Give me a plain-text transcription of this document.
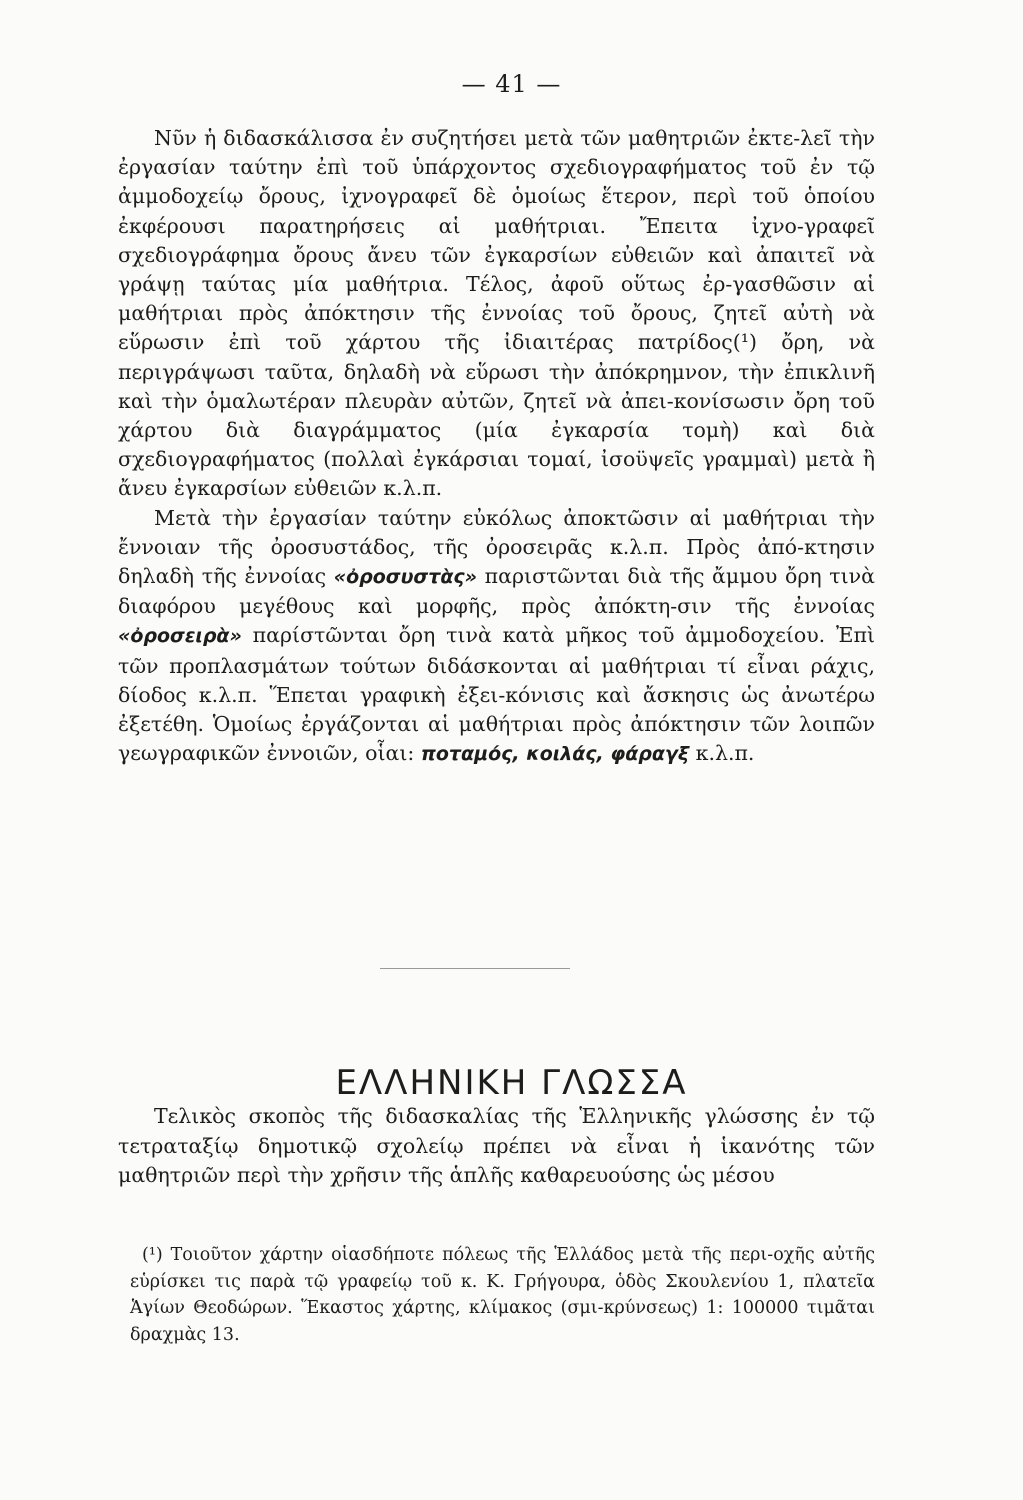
— 41 —

Νῦν ἡ διδασκάλισσα ἐν συζητήσει μετὰ τῶν μαθητριῶν ἐκτε-λεῖ τὴν ἐργασίαν ταύτην ἐπὶ τοῦ ὑπάρχοντος σχεδιογραφήματος τοῦ ἐν τῷ ἀμμοδοχείῳ ὄρους, ἰχνογραφεῖ δὲ ὁμοίως ἕτερον, περὶ τοῦ ὁποίου ἐκφέρουσι παρατηρήσεις αἱ μαθήτριαι. Ἔπειτα ἰχνο-γραφεῖ σχεδιογράφημα ὄρους ἄνευ τῶν ἐγκαρσίων εὐθειῶν καὶ ἀπαιτεῖ νὰ γράψῃ ταύτας μία μαθήτρια. Τέλος, ἀφοῦ οὕτως ἐρ-γασθῶσιν αἱ μαθήτριαι πρὸς ἀπόκτησιν τῆς ἐννοίας τοῦ ὄρους, ζητεῖ αὐτὴ νὰ εὕρωσιν ἐπὶ τοῦ χάρτου τῆς ἰδιαιτέρας πατρίδος(¹) ὄρη, νὰ περιγράψωσι ταῦτα, δηλαδὴ νὰ εὕρωσι τὴν ἀπόκρημνον, τὴν ἐπικλινῆ καὶ τὴν ὁμαλωτέραν πλευρὰν αὐτῶν, ζητεῖ νὰ ἀπει-κονίσωσιν ὄρη τοῦ χάρτου διὰ διαγράμματος (μία ἐγκαρσία τομὴ) καὶ διὰ σχεδιογραφήματος (πολλαὶ ἐγκάρσιαι τομαί, ἰσοϋψεῖς γραμμαὶ) μετὰ ἢ ἄνευ ἐγκαρσίων εὐθειῶν κ.λ.π.

Μετὰ τὴν ἐργασίαν ταύτην εὐκόλως ἀποκτῶσιν αἱ μαθήτριαι τὴν ἔννοιαν τῆς ὀροσυστάδος, τῆς ὀροσειρᾶς κ.λ.π. Πρὸς ἀπό-κτησιν δηλαδὴ τῆς ἐννοίας «ὀροσυστὰς» παριστῶνται διὰ τῆς ἄμμου ὄρη τινὰ διαφόρου μεγέθους καὶ μορφῆς, πρὸς ἀπόκτη-σιν τῆς ἐννοίας «ὀροσειρὰ» παρίστῶνται ὄρη τινὰ κατὰ μῆκος τοῦ ἀμμοδοχείου. Ἐπὶ τῶν προπλασμάτων τούτων διδάσκονται αἱ μαθήτριαι τί εἶναι ράχις, δίοδος κ.λ.π. Ἕπεται γραφικὴ ἐξει-κόνισις καὶ ἄσκησις ὡς ἀνωτέρω ἐξετέθη. Ὁμοίως ἐργάζονται αἱ μαθήτριαι πρὸς ἀπόκτησιν τῶν λοιπῶν γεωγραφικῶν ἐννοιῶν, οἷαι: ποταμός, κοιλάς, φάραγξ κ.λ.π.

ΕΛΛΗΝΙΚΗ ΓΛΩΣΣΑ

Τελικὸς σκοπὸς τῆς διδασκαλίας τῆς Ἑλληνικῆς γλώσσης ἐν τῷ τετραταξίῳ δημοτικῷ σχολείῳ πρέπει νὰ εἶναι ἡ ἱκανότης τῶν μαθητριῶν περὶ τὴν χρῆσιν τῆς ἁπλῆς καθαρευούσης ὡς μέσου

(¹) Τοιοῦτον χάρτην οἱασδήποτε πόλεως τῆς Ἑλλάδος μετὰ τῆς περι-οχῆς αὐτῆς εὑρίσκει τις παρὰ τῷ γραφείῳ τοῦ κ. Κ. Γρήγουρα, ὁδὸς Σκουλενίου 1, πλατεῖα Ἁγίων Θεοδώρων. Ἕκαστος χάρτης, κλίμακος (σμι-κρύνσεως) 1: 100000 τιμᾶται δραχμὰς 13.
